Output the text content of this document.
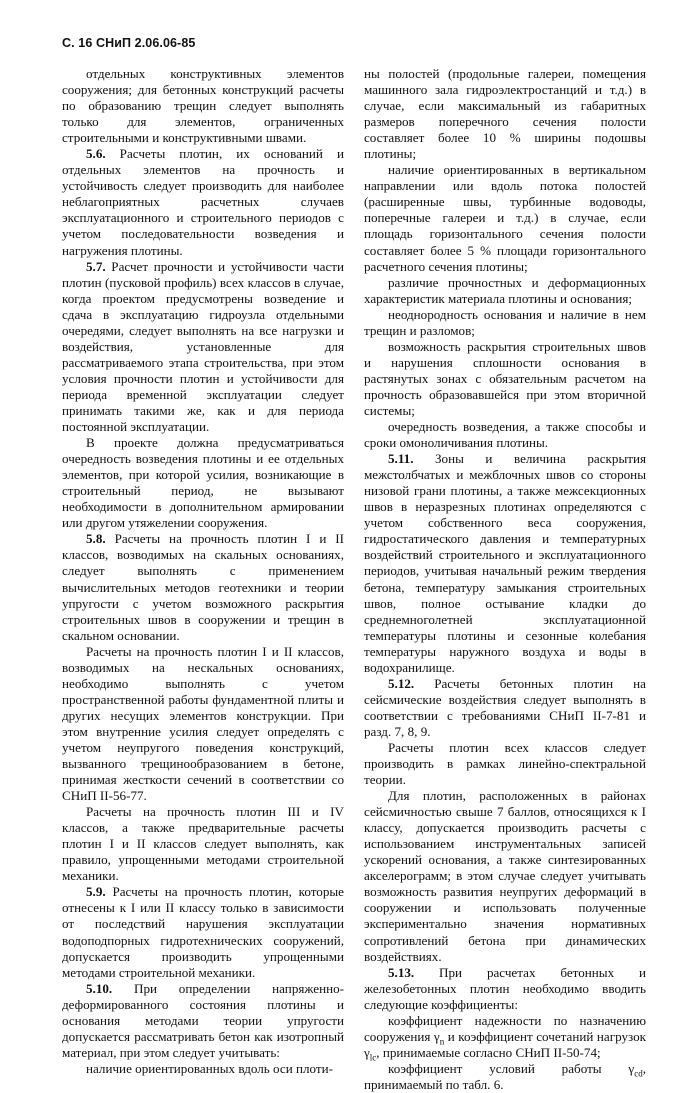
С. 16 СНиП 2.06.06-85

отдельных конструктивных элементов сооружения; для бетонных конструкций расчеты по образованию трещин следует выполнять только для элементов, ограниченных строительными и конструктивными швами.

5.6. Расчеты плотин, их оснований и отдельных элементов на прочность и устойчивость следует производить для наиболее неблагоприятных расчетных случаев эксплуатационного и строительного периодов с учетом последовательности возведения и нагружения плотины.

5.7. Расчет прочности и устойчивости части плотин (пусковой профиль) всех классов в случае, когда проектом предусмотрены возведение и сдача в эксплуатацию гидроузла отдельными очередями, следует выполнять на все нагрузки и воздействия, установленные для рассматриваемого этапа строительства, при этом условия прочности плотин и устойчивости для периода временной эксплуатации следует принимать такими же, как и для периода постоянной эксплуатации.

В проекте должна предусматриваться очередность возведения плотины и ее отдельных элементов, при которой усилия, возникающие в строительный период, не вызывают необходимости в дополнительном армировании или другом утяжелении сооружения.

5.8. Расчеты на прочность плотин I и II классов, возводимых на скальных основаниях, следует выполнять с применением вычислительных методов геотехники и теории упругости с учетом возможного раскрытия строительных швов в сооружении и трещин в скальном основании.

Расчеты на прочность плотин I и II классов, возводимых на нескальных основаниях, необходимо выполнять с учетом пространственной работы фундаментной плиты и других несущих элементов конструкции. При этом внутренние усилия следует определять с учетом неупругого поведения конструкций, вызванного трещинообразованием в бетоне, принимая жесткости сечений в соответствии со СНиП II-56-77.

Расчеты на прочность плотин III и IV классов, а также предварительные расчеты плотин I и II классов следует выполнять, как правило, упрощенными методами строительной механики.

5.9. Расчеты на прочность плотин, которые отнесены к I или II классу только в зависимости от последствий нарушения эксплуатации водоподпорных гидротехнических сооружений, допускается производить упрощенными методами строительной механики.

5.10. При определении напряженно-деформированного состояния плотины и основания методами теории упругости допускается рассматривать бетон как изотропный материал, при этом следует учитывать:

наличие ориентированных вдоль оси плоти-

ны полостей (продольные галереи, помещения машинного зала гидроэлектростанций и т.д.) в случае, если максимальный из габаритных размеров поперечного сечения полости составляет более 10 % ширины подошвы плотины;

наличие ориентированных в вертикальном направлении или вдоль потока полостей (расширенные швы, турбинные водоводы, поперечные галереи и т.д.) в случае, если площадь горизонтального сечения полости составляет более 5 % площади горизонтального расчетного сечения плотины;

различие прочностных и деформационных характеристик материала плотины и основания;

неоднородность основания и наличие в нем трещин и разломов;

возможность раскрытия строительных швов и нарушения сплошности основания в растянутых зонах с обязательным расчетом на прочность образовавшейся при этом вторичной системы;

очередность возведения, а также способы и сроки омоноличивания плотины.

5.11. Зоны и величина раскрытия межстолбчатых и межблочных швов со стороны низовой грани плотины, а также межсекционных швов в неразрезных плотинах определяются с учетом собственного веса сооружения, гидростатического давления и температурных воздействий строительного и эксплуатационного периодов, учитывая начальный режим твердения бетона, температуру замыкания строительных швов, полное остывание кладки до среднемноголетней эксплуатационной температуры плотины и сезонные колебания температуры наружного воздуха и воды в водохранилище.

5.12. Расчеты бетонных плотин на сейсмические воздействия следует выполнять в соответствии с требованиями СНиП II-7-81 и разд. 7, 8, 9.

Расчеты плотин всех классов следует производить в рамках линейно-спектральной теории.

Для плотин, расположенных в районах сейсмичностью свыше 7 баллов, относящихся к I классу, допускается производить расчеты с использованием инструментальных записей ускорений основания, а также синтезированных акселерограмм; в этом случае следует учитывать возможность развития неупругих деформаций в сооружении и использовать полученные экспериментально значения нормативных сопротивлений бетона при динамических воздействиях.

5.13. При расчетах бетонных и железобетонных плотин необходимо вводить следующие коэффициенты:

коэффициент надежности по назначению сооружения $\gamma_n$ и коэффициент сочетаний нагрузок $\gamma_{lc}$, принимаемые согласно СНиП II-50-74;

коэффициент условий работы $\gamma_{cd}$, принимаемый по табл. 6.
